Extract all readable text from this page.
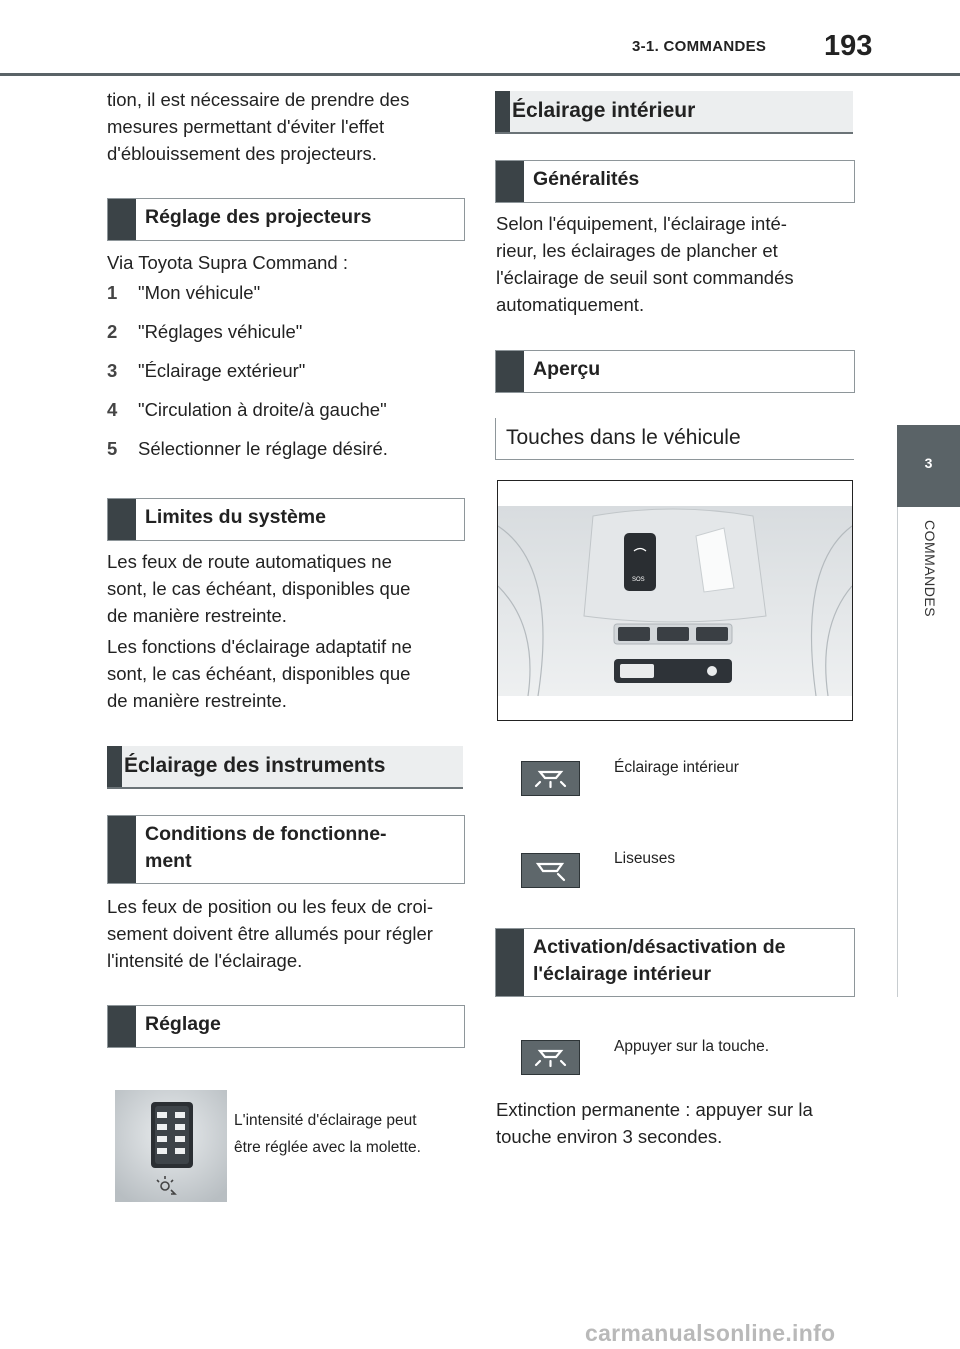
3-1. COMMANDES 193
3
COMMANDES
tion, il est nécessaire de prendre des
mesures permettant d'éviter l'effet
d'éblouissement des projecteurs.
Réglage des projecteurs
Via Toyota Supra Command :
1 "Mon véhicule"
2 "Réglages véhicule"
3 "Éclairage extérieur"
4 "Circulation à droite/à gauche"
5 Sélectionner le réglage désiré.
Limites du système
Les feux de route automatiques ne
sont, le cas échéant, disponibles que
de manière restreinte.
Les fonctions d'éclairage adaptatif ne
sont, le cas échéant, disponibles que
de manière restreinte.
Éclairage des instruments
Conditions de fonctionne-
ment
Les feux de position ou les feux de croi-
sement doivent être allumés pour régler
l'intensité de l'éclairage.
Réglage
L'intensité d'éclairage peut
être réglée avec la molette.
Éclairage intérieur
Généralités
Selon l'équipement, l'éclairage inté-
rieur, les éclairages de plancher et
l'éclairage de seuil sont commandés
automatiquement.
Aperçu
Touches dans le véhicule
SOS
Éclairage intérieur
Liseuses
Activation/désactivation de
l'éclairage intérieur
Appuyer sur la touche.
Extinction permanente : appuyer sur la
touche environ 3 secondes.
carmanualsonline.info
